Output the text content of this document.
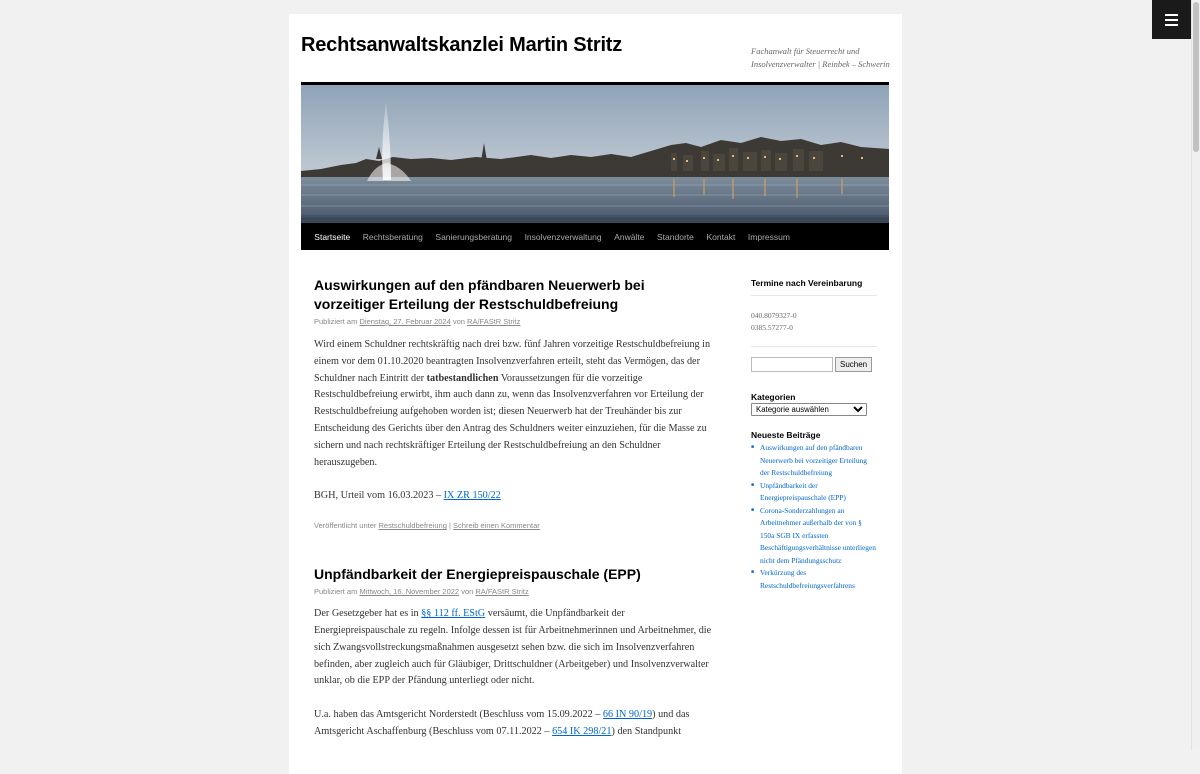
Rechtsanwaltskanzlei Martin Stritz	Fachanwalt für Steuerrecht und Insolvenzverwalter | Reinbek – Schwerin
Startseite	Rechtsberatung	Sanierungsberatung	Insolvenzverwaltung	Anwälte	Standorte	Kontakt	Impressum
Auswirkungen auf den pfändbaren Neuerwerb bei vorzeitiger Erteilung der Restschuldbefreiung
Publiziert am Dienstag, 27. Februar 2024 von RA/FAStR Stritz

Wird einem Schuldner rechtskräftig nach drei bzw. fünf Jahren vorzeitige Restschuldbefreiung in einem vor dem 01.10.2020 beantragten Insolvenzverfahren erteilt, steht das Vermögen, das der Schuldner nach Eintritt der tatbestandlichen Voraussetzungen für die vorzeitige Restschuldbefreiung erwirbt, ihm auch dann zu, wenn das Insolvenzverfahren vor Erteilung der Restschuldbefreiung aufgehoben worden ist; diesen Neuerwerb hat der Treuhänder bis zur Entscheidung des Gerichts über den Antrag des Schuldners weiter einzuziehen, für die Masse zu sichern und nach rechtskräftiger Erteilung der Restschuldbefreiung an den Schuldner herauszugeben.

BGH, Urteil vom 16.03.2023 – IX ZR 150/22

Veröffentlicht unter Restschuldbefreiung | Schreib einen Kommentar
Unpfändbarkeit der Energiepreispauschale (EPP)
Publiziert am Mittwoch, 16. November 2022 von RA/FAStR Stritz

Der Gesetzgeber hat es in §§ 112 ff. EStG versäumt, die Unpfändbarkeit der Energiepreispauschale zu regeln. Infolge dessen ist für Arbeitnehmerinnen und Arbeitnehmer, die sich Zwangsvollstreckungsmaßnahmen ausgesetzt sehen bzw. die sich im Insolvenzverfahren befinden, aber zugleich auch für Gläubiger, Drittschuldner (Arbeitgeber) und Insolvenzverwalter unklar, ob die EPP der Pfändung unterliegt oder nicht.

U.a. haben das Amtsgericht Norderstedt (Beschluss vom 15.09.2022 – 66 IN 90/19) und das Amtsgericht Aschaffenburg (Beschluss vom 07.11.2022 – 654 IK 298/21) den Standpunkt

Termine nach Vereinbarung
040.8079327-0
0385.57277-0
Suchen
Kategorien
Kategorie auswählen
Neueste Beiträge
■ Auswirkungen auf den pfändbaren Neuerwerb bei vorzeitiger Erteilung der Restschuldbefreiung
■ Unpfändbarkeit der Energiepreispauschale (EPP)
■ Corona-Sonderzahlungen an Arbeitnehmer außerhalb der von § 150a SGB IX erfassten Beschäftigungsverhältnisse unterliegen nicht dem Pfändungsschutz
■ Verkürzung des Restschuldbefreiungsverfahrens
